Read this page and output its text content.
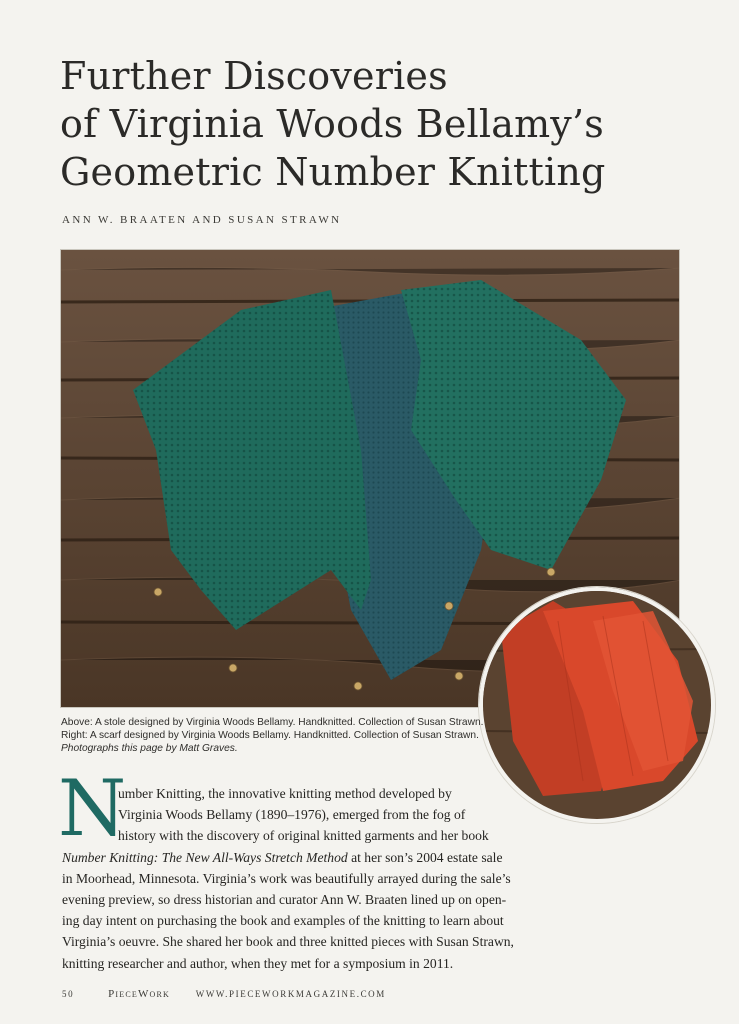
Further Discoveries
of Virginia Woods Bellamy’s
Geometric Number Knitting
ANN W. BRAATEN AND SUSAN STRAWN
Above: A stole designed by Virginia Woods Bellamy. Handknitted. Collection of Susan Strawn.
Right: A scarf designed by Virginia Woods Bellamy. Handknitted. Collection of Susan Strawn.
Photographs this page by Matt Graves.
N
umber Knitting, the innovative knitting method developed by
Virginia Woods Bellamy (1890–1976), emerged from the fog of
history with the discovery of original knitted garments and her book
Number Knitting: The New All-Ways Stretch Method at her son’s 2004 estate sale
in Moorhead, Minnesota. Virginia’s work was beautifully arrayed during the sale’s
evening preview, so dress historian and curator Ann W. Braaten lined up on open-
ing day intent on purchasing the book and examples of the knitting to learn about
Virginia’s oeuvre. She shared her book and three knitted pieces with Susan Strawn,
knitting researcher and author, when they met for a symposium in 2011.
50	PieceWork	WWW.PIECEWORKMAGAZINE.COM
